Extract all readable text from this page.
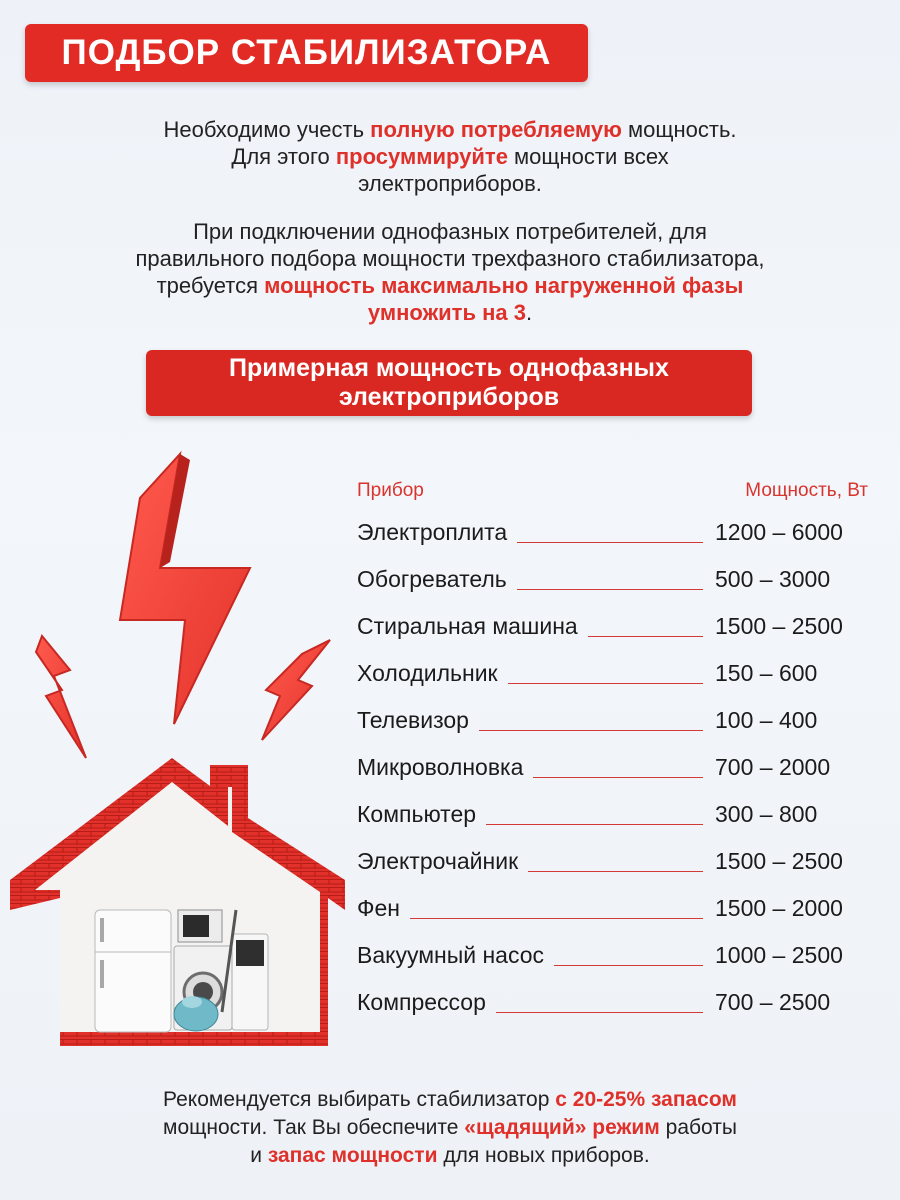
ПОДБОР СТАБИЛИЗАТОРА
Необходимо учесть полную потребляемую мощность.
Для этого просуммируйте мощности всех
электроприборов.
При подключении однофазных потребителей, для
правильного подбора мощности трехфазного стабилизатора,
требуется мощность максимально нагруженной фазы
умножить на 3.
Примерная мощность однофазных
электроприборов
Прибор	Мощность, Вт
Электроплита	1200 – 6000
Обогреватель	500 – 3000
Стиральная машина	1500 – 2500
Холодильник	150 – 600
Телевизор	100 – 400
Микроволновка	700 – 2000
Компьютер	300 – 800
Электрочайник	1500 – 2500
Фен	1500 – 2000
Вакуумный насос	1000 – 2500
Компрессор	700 – 2500
Рекомендуется выбирать стабилизатор с 20-25% запасом
мощности. Так Вы обеспечите «щадящий» режим работы
и запас мощности для новых приборов.
